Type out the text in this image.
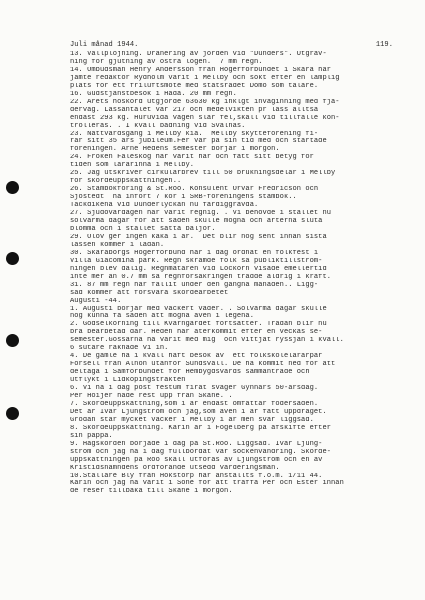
Juli månad 1944.	119.
13. Vallplöjning. Dränering av jorden vid "Dunders". Utgräv-
ning för gjutning av östra logen.  7 mm regn.
14. Ombudsman Henry Andersson från Högerförbundet i Skara har
jämte redaktör Rydholm varit i Mellby och sökt efter en lämplig
plats för ett friluftsmöte med statsrådet Domö som talare.
16. Gudstjänstbesök i Håda. 20 mm regn.
22. Årets höskörd utgjorde 63630 kg inklgt inväginning med fjä-
derväg. Lassantalet var 217 och medelvikten pr lass alltså
endast 293 kg. Huruvida vägen slår fel,skall vid tillfälle kon-
trolleras. . I kväll badning vid Svalnäs.
23. Nattvardsgång i Mellby kia.  Mellby skytteförening fi-
rar sitt 35 års jubileum.Fer var på sin tid med och startade
föreningen. Arne Hedéns semester börjar i morgon.
24. Fröken Faleskog har varit här och fått sitt betyg för
tiden som lärarinna i Mellby.
25. Jag utskriver cirkulärbrev till 50 brukningsdelar i Mellby
för skördeuppskattningen..
26. Stambokföring & St.Roo. Konsulent Orvar Fredricson och
Sjöstedt  ha infört 7 kor i SRB-föreningens stambok..
Täckdikena vid Dunderlyckan nu färdiggrävda.
27. Sjudovardagen har varit regnig. . Vi behövde i stället nu
solvarma dagar för att säden skulle mogna och ärterna sluta
blomma och i stället sätta baljor.
29. Olov ger ingen kaka i år.  Det blir nog sent innan sista
lassen kommer i ladan.
30. Skaraborgs Högerförbund har i dag ordnat en folkfest i
Villa Giacomina park. Regn skrämde folk så publiktillström-
ningen blev dålig. Regnmätaren vid Lockörn visade emellertid
inte mer än 0.7 mm så regnförsäkringen trädde aldrig i kraft.
31. 87 mm regn har fallit under den gångna månaden.. Ligg-
säd kommer att försvåra skördearbetet
Augusti -44.
1. Augusti börjar med vackert väder. . Solvarma dagar skulle
nog kunna få säden att mogna även i legena.
2. Gödselkörning till Kvarngärdet fortsätter. Trädan blir nu
bra bearbetad där. Hedén har återkommit efter en veckas se-
semester.Gossarna ha varit med mig  och vittjat ryssjan i kväll.
6 sutare räknade vi in.
4. De gamle ha i kväll haft besök av  ett folkskolelärarpar
Forsell från Alnön utanför Sundsvall. De ha kommit ned för att
deltaga i Samförbundet för Hembygdsvårds sammanträde och
utflykt i Lidköpingstrakten
6. Vi ha i dag post festum firat svåger Gynnars 50-årsdag.
Per Höijer hade rest upp från Skåne. .
7. Skördeuppskattning,som i år endast omfattar fodersäden.
Det är Ivar Ljungström och jag,som även i år fått uppdraget.
Grödan står mycket vacker i Mellby i år men svår liggsäd.
8. Skördeuppskattning. Karin är i Fogelberg på afskifte efter
sin pappa.
9. Hägskörden började i dag på St.Roo. Liggsäd. Ivar Ljung-
ström och jag ha i dag fullbordat vår sockenvandring. Skörde-
uppskattningen på Roo skall utföras av Ljungström och en av
Kristidsnämndens ordförande utsedd värderingsman.
10.Stallare Bly från Hökstorp har anställts f.o.m. 1/11 44.
Karin och jag ha varit i Söne för att träffa Per och Ester innan
de reser tillbaka till Skåne i morgon.
